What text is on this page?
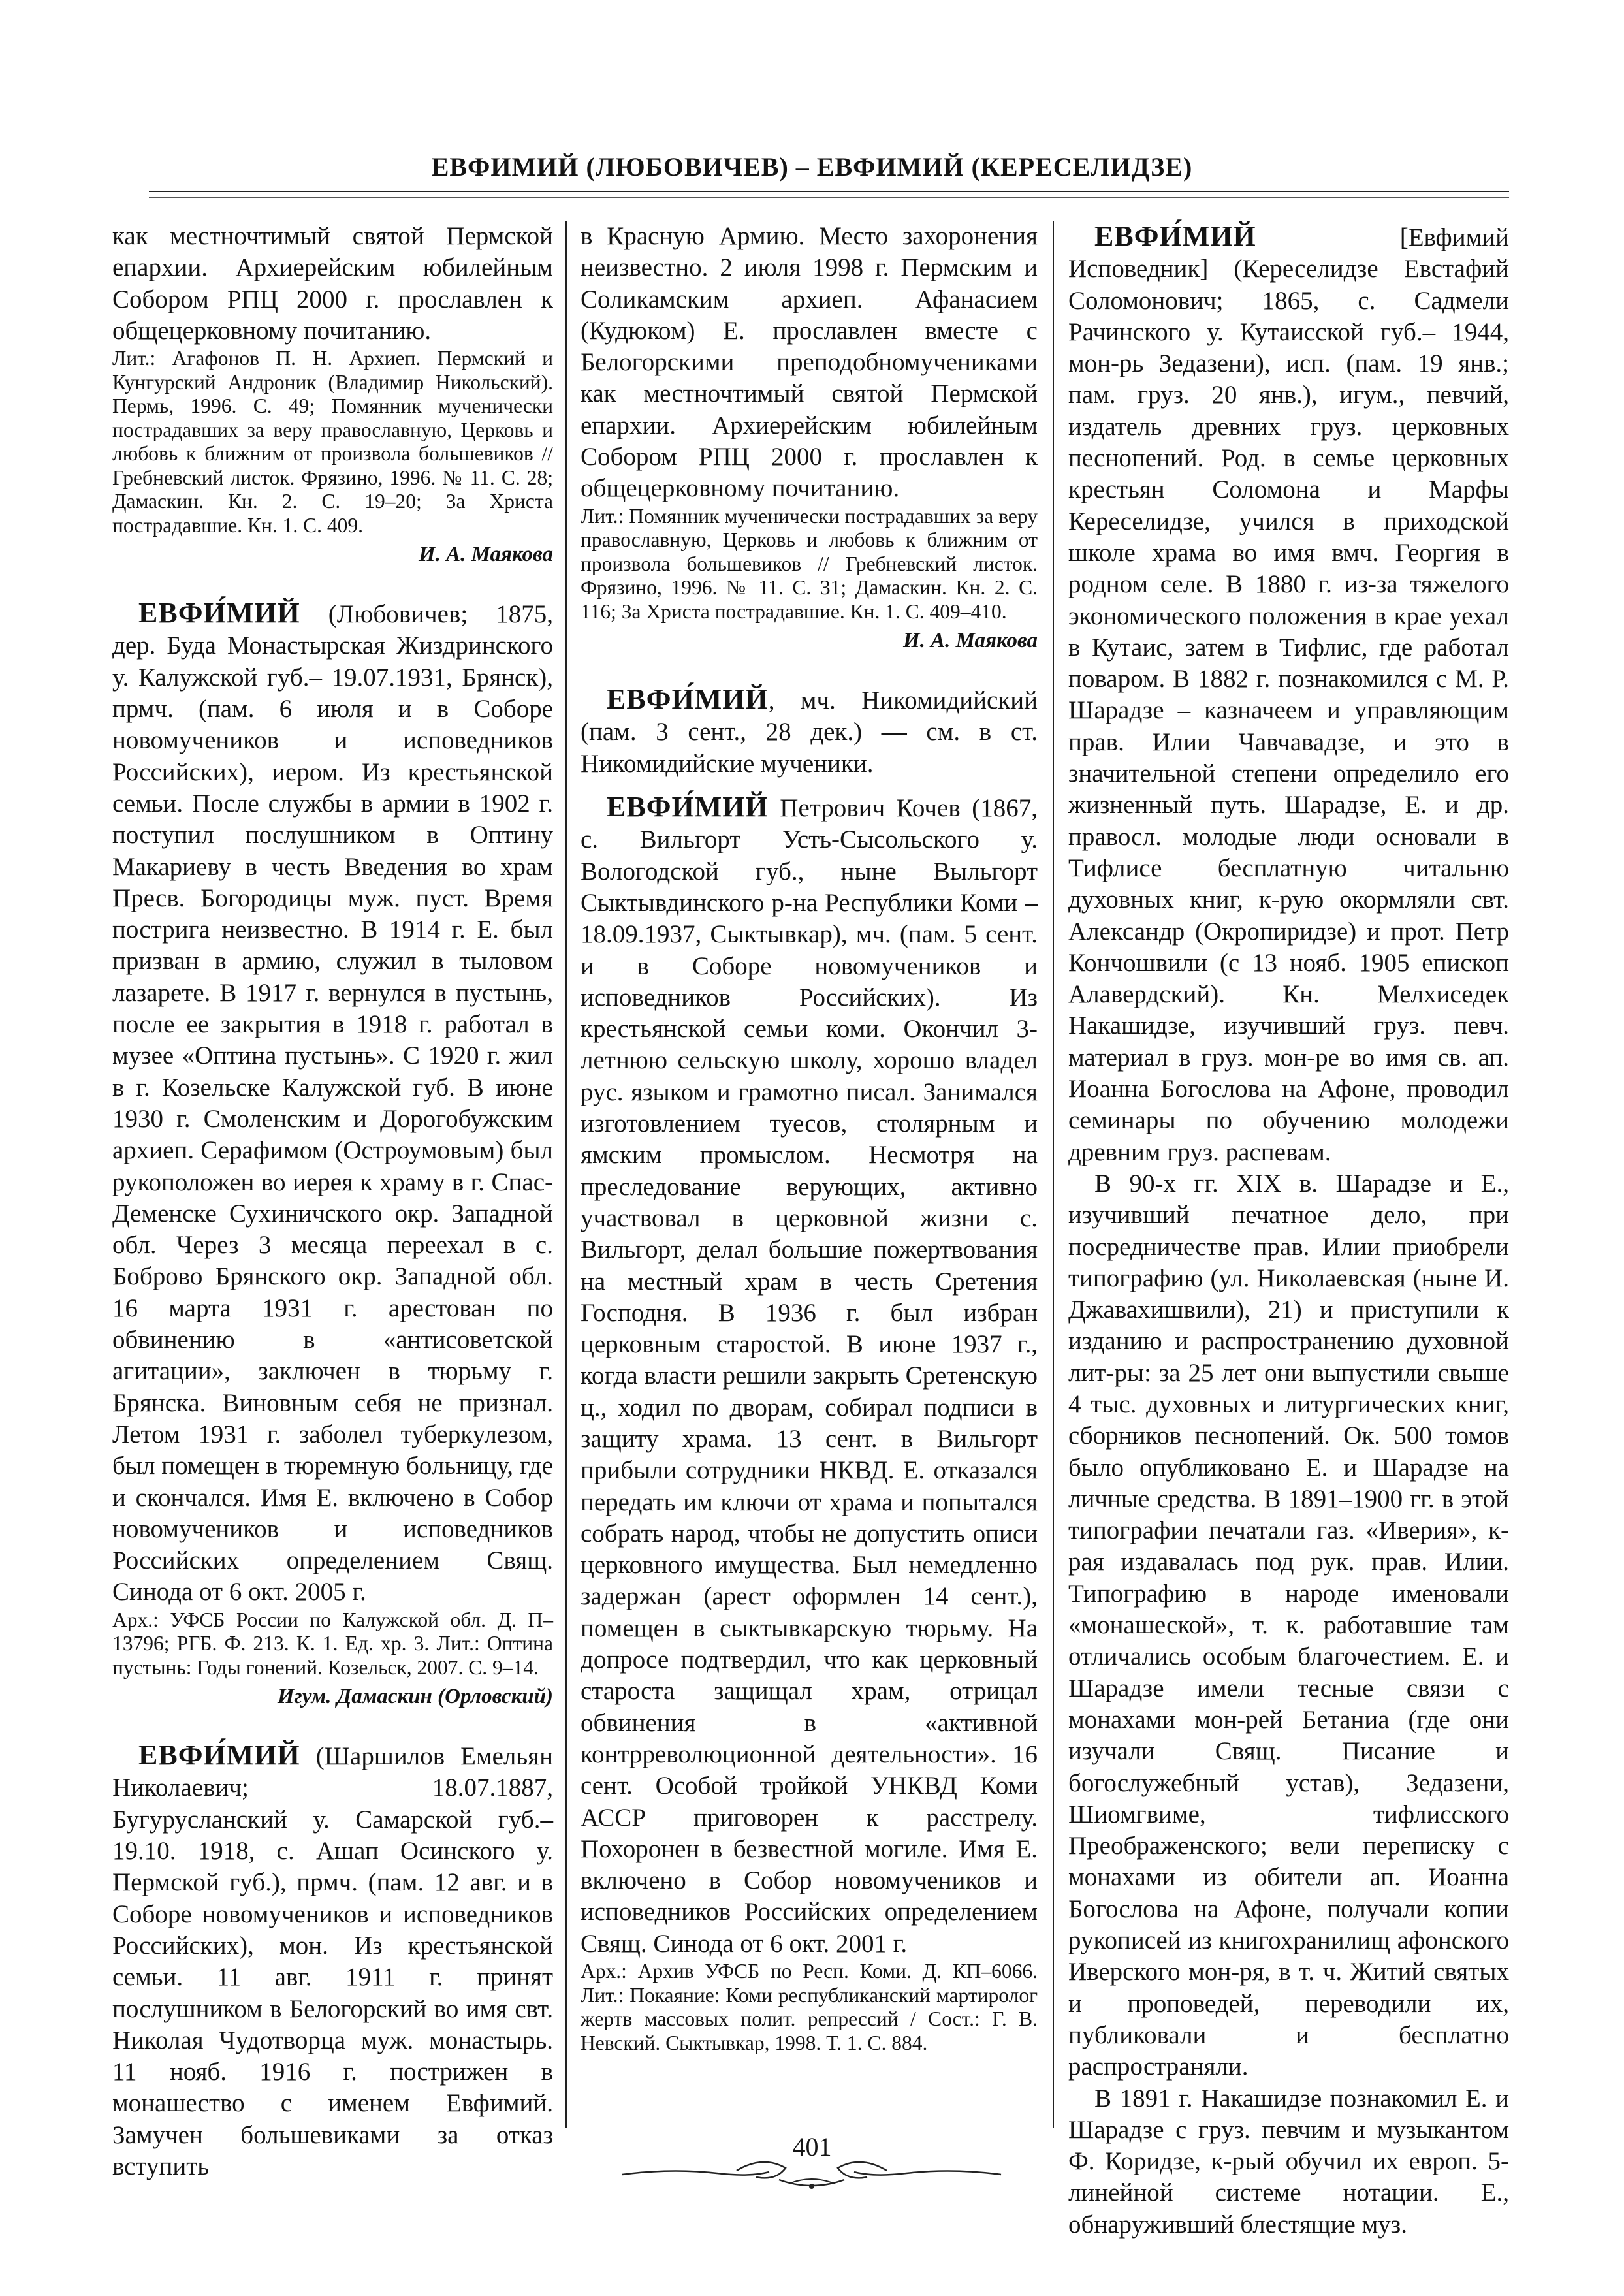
ЕВФИМИЙ (ЛЮБОВИЧЕВ) – ЕВФИМИЙ (КЕРЕСЕЛИДЗЕ)

как местночтимый святой Пермской епархии. Архиерейским юбилейным Собором РПЦ 2000 г. прославлен к общецерковному почитанию.

Лит.: Агафонов П. Н. Архиеп. Пермский и Кунгурский Андроник (Владимир Никольский). Пермь, 1996. С. 49; Помянник мученически пострадавших за веру православную, Церковь и любовь к ближним от произвола большевиков // Гребневский листок. Фрязино, 1996. № 11. С. 28; Дамаскин. Кн. 2. С. 19–20; За Христа пострадавшие. Кн. 1. С. 409.

И. А. Маякова

ЕВФИ́МИЙ (Любовичев; 1875, дер. Буда Монастырская Жиздринского у. Калужской губ.– 19.07.1931, Брянск), прмч. (пам. 6 июля и в Соборе новомучеников и исповедников Российских), иером. Из крестьянской семьи. После службы в армии в 1902 г. поступил послушником в Оптину Макариеву в честь Введения во храм Пресв. Богородицы муж. пуст. Время пострига неизвестно. В 1914 г. Е. был призван в армию, служил в тыловом лазарете. В 1917 г. вернулся в пустынь, после ее закрытия в 1918 г. работал в музее «Оптина пустынь». С 1920 г. жил в г. Козельске Калужской губ. В июне 1930 г. Смоленским и Дорогобужским архиеп. Серафимом (Остроумовым) был рукоположен во иерея к храму в г. Спас-Деменске Сухиничского окр. Западной обл. Через 3 месяца переехал в с. Боброво Брянского окр. Западной обл. 16 марта 1931 г. арестован по обвинению в «антисоветской агитации», заключен в тюрьму г. Брянска. Виновным себя не признал. Летом 1931 г. заболел туберкулезом, был помещен в тюремную больницу, где и скончался. Имя Е. включено в Собор новомучеников и исповедников Российских определением Свящ. Синода от 6 окт. 2005 г.

Арх.: УФСБ России по Калужской обл. Д. П–13796; РГБ. Ф. 213. К. 1. Ед. хр. 3. Лит.: Оптина пустынь: Годы гонений. Козельск, 2007. С. 9–14.

Игум. Дамаскин (Орловский)

ЕВФИ́МИЙ (Шаршилов Емельян Николаевич; 18.07.1887, Бугуруслaнский у. Самарской губ.– 19.10. 1918, с. Ашап Осинского у. Пермской губ.), прмч. (пам. 12 авг. и в Соборе новомучеников и исповедников Российских), мон. Из крестьянской семьи. 11 авг. 1911 г. принят послушником в Белогорский во имя свт. Николая Чудотворца муж. монастырь. 11 нояб. 1916 г. пострижен в монашество с именем Евфимий. Замучен большевиками за отказ вступить

в Красную Армию. Место захоронения неизвестно. 2 июля 1998 г. Пермским и Соликамским архиеп. Афанасием (Кудюком) Е. прославлен вместе с Белогорскими преподобномучениками как местночтимый святой Пермской епархии. Архиерейским юбилейным Собором РПЦ 2000 г. прославлен к общецерковному почитанию.

Лит.: Помянник мученически пострадавших за веру православную, Церковь и любовь к ближним от произвола большевиков // Гребневский листок. Фрязино, 1996. № 11. С. 31; Дамаскин. Кн. 2. С. 116; За Христа пострадавшие. Кн. 1. С. 409–410.

И. А. Маякова

ЕВФИ́МИЙ, мч. Никомидийский (пам. 3 сент., 28 дек.) — см. в ст. Никомидийские мученики.

ЕВФИ́МИЙ Петрович Кочев (1867, с. Вильгорт Усть-Сысольского у. Вологодской губ., ныне Выльгорт Сыктывдинского р-на Республики Коми – 18.09.1937, Сыктывкар), мч. (пам. 5 сент. и в Соборе новомучеников и исповедников Российских). Из крестьянской семьи коми. Окончил 3-летнюю сельскую школу, хорошо владел рус. языком и грамотно писал. Занимался изготовлением туесов, столярным и ямским промыслом. Несмотря на преследование верующих, активно участвовал в церковной жизни с. Вильгорт, делал большие пожертвования на местный храм в честь Сретения Господня. В 1936 г. был избран церковным старостой. В июне 1937 г., когда власти решили закрыть Сретенскую ц., ходил по дворам, собирал подписи в защиту храма. 13 сент. в Вильгорт прибыли сотрудники НКВД. Е. отказался передать им ключи от храма и попытался собрать народ, чтобы не допустить описи церковного имущества. Был немедленно задержан (арест оформлен 14 сент.), помещен в сыктывкарскую тюрьму. На допросе подтвердил, что как церковный староста защищал храм, отрицал обвинения в «активной контрреволюционной деятельности». 16 сент. Особой тройкой УНКВД Коми АССР приговорен к расстрелу. Похоронен в безвестной могиле. Имя Е. включено в Собор новомучеников и исповедников Российских определением Свящ. Синода от 6 окт. 2001 г.

Арх.: Архив УФСБ по Респ. Коми. Д. КП–6066. Лит.: Покаяние: Коми республиканский мартиролог жертв массовых полит. репрессий / Сост.: Г. В. Невский. Сыктывкар, 1998. Т. 1. С. 884.

ЕВФИ́МИЙ	[Евфимий Исповедник] (Кереселидзе Евстафий Соломонович; 1865, с. Садмели Рачинского у. Кутаисской губ.– 1944, мон-рь Зедазени), исп. (пам. 19 янв.; пам. груз. 20 янв.), игум., певчий, издатель древних груз. церковных песнопений. Род. в семье церковных крестьян Соломона и Марфы Кереселидзе, учился в приходской школе храма во имя вмч. Георгия в родном селе. В 1880 г. из-за тяжелого экономического положения в крае уехал в Кутаис, затем в Тифлис, где работал поваром. В 1882 г. познакомился с М. Р. Шарадзе – казначеем и управляющим прав. Илии Чавчавадзе, и это в значительной степени определило его жизненный путь. Шарадзе, Е. и др. правосл. молодые люди основали в Тифлисе бесплатную читальню духовных книг, к-рую окормляли свт. Александр (Окропиридзе) и прот. Петр Кончошвили (с 13 нояб. 1905 епископ Алавердский). Кн. Мелхиседек Накашидзе, изучивший груз. певч. материал в груз. мон-ре во имя св. ап. Иоанна Богослова на Афоне, проводил семинары по обучению молодежи древним груз. распевам.

В 90-х гг. XIX в. Шарадзе и Е., изучивший печатное дело, при посредничестве прав. Илии приобрели типографию (ул. Николаевская (ныне И. Джавахишвили), 21) и приступили к изданию и распространению духовной лит-ры: за 25 лет они выпустили свыше 4 тыс. духовных и литургических книг, сборников песнопений. Ок. 500 томов было опубликовано Е. и Шарадзе на личные средства. В 1891–1900 гг. в этой типографии печатали газ. «Иверия», к-рая издавалась под рук. прав. Илии. Типографию в народе именовали «монашеской», т. к. работавшие там отличались особым благочестием. Е. и Шарадзе имели тесные связи с монахами мон-рей Бетаниа (где они изучали Свящ. Писание и богослужебный устав), Зедазени, Шиомгвиме, тифлисского Преображенского; вели переписку с монахами из обители ап. Иоанна Богослова на Афоне, получали копии рукописей из книгохранилищ афонского Иверского мон-ря, в т. ч. Житий святых и проповедей, переводили их, публиковали и бесплатно распространяли.

В 1891 г. Накашидзе познакомил Е. и Шарадзе с груз. певчим и музыкантом Ф. Коридзе, к-рый обучил их европ. 5-линейной системе нотации. Е., обнаруживший блестящие муз.

401
